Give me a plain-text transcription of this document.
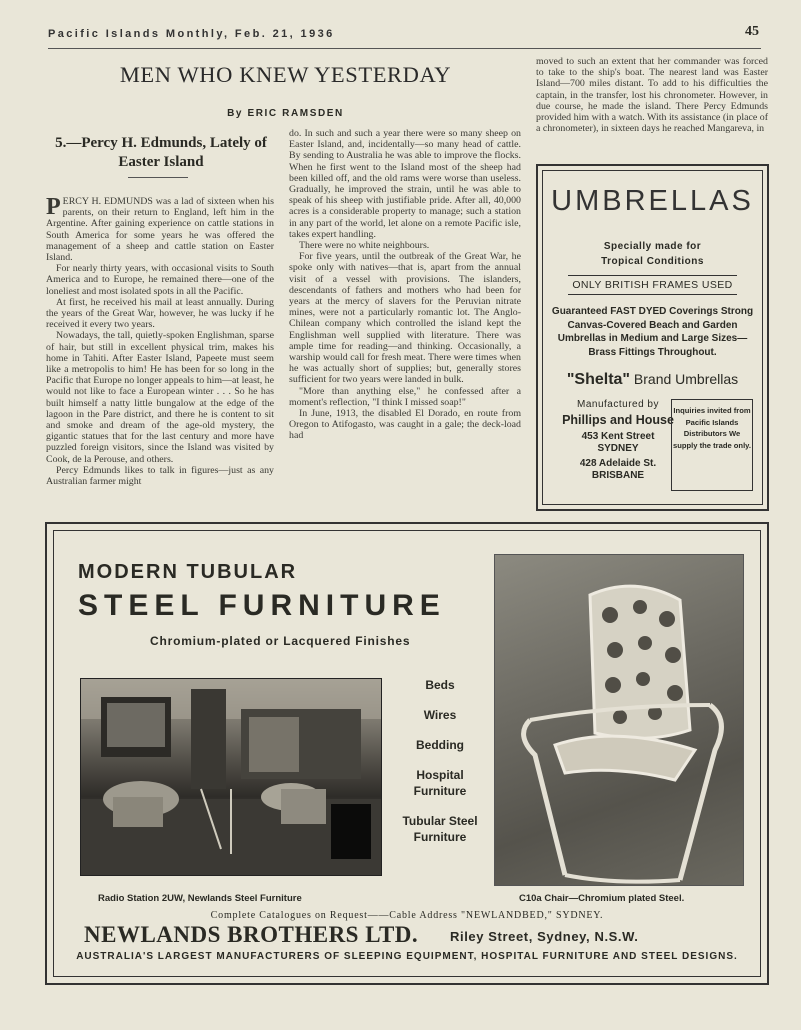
Pacific Islands Monthly, Feb. 21, 1936	45
MEN WHO KNEW YESTERDAY
By ERIC RAMSDEN
5.—Percy H. Edmunds, Lately of Easter Island

PERCY H. EDMUNDS was a lad of sixteen when his parents, on their return to England, left him in the Argentine. After gaining experience on cattle stations in South America for some years he was offered the management of a sheep and cattle station on Easter Island.

For nearly thirty years, with occasional visits to South America and to Europe, he remained there—one of the loneliest and most isolated spots in all the Pacific.

At first, he received his mail at least annually. During the years of the Great War, however, he was lucky if he received it every two years.

Nowadays, the tall, quietly-spoken Englishman, sparse of hair, but still in excellent physical trim, makes his home in Tahiti. After Easter Island, Papeete must seem like a metropolis to him! He has been for so long in the Pacific that Europe no longer appeals to him—at least, he would not like to face a European winter . . . So he has built himself a natty little bungalow at the edge of the lagoon in the Pare district, and there he is content to sit and smoke and dream of the age-old mystery, the gigantic statues that for the last century and more have puzzled foreign visitors, since the Island was visited by Cook, de la Perouse, and others.

Percy Edmunds likes to talk in figures—just as any Australian farmer might

do. In such and such a year there were so many sheep on Easter Island, and, incidentally—so many head of cattle. By sending to Australia he was able to improve the flocks. When he first went to the Island most of the sheep had been killed off, and the old rams were worse than useless. Gradually, he improved the strain, until he was able to speak of his sheep with justifiable pride. After all, 40,000 acres is a considerable property to manage; such a station in any part of the world, let alone on a remote Pacific isle, takes expert handling.

There were no white neighbours.

For five years, until the outbreak of the Great War, he spoke only with natives—that is, apart from the annual visit of a vessel with provisions. The islanders, descendants of fathers and mothers who had been for years at the mercy of slavers for the Peruvian nitrate mines, were not a particularly romantic lot. The Anglo-Chilean company which controlled the island kept the Englishman well supplied with literature. There was ample time for reading—and thinking. Occasionally, a warship would call for fresh meat. There were times when he was actually short of supplies; but, generally stores sufficient for two years were landed in bulk.

"More than anything else," he confessed after a moment's reflection, "I think I missed soap!"

In June, 1913, the disabled El Dorado, en route from Oregon to Atifogasto, was caught in a gale; the deck-load had

moved to such an extent that her commander was forced to take to the ship's boat. The nearest land was Easter Island—700 miles distant. To add to his difficulties the captain, in the transfer, lost his chronometer. However, in due course, he made the island. There Percy Edmunds provided him with a watch. With its assistance (in place of a chronometer), in sixteen days he reached Mangareva, in

UMBRELLAS
Specially made for
Tropical Conditions
ONLY BRITISH FRAMES USED
Guaranteed FAST DYED Coverings Strong Canvas-Covered Beach and Garden Umbrellas in Medium and Large Sizes—Brass Fittings Throughout.
"Shelta" Brand Umbrellas
Manufactured by
Phillips and House
453 Kent Street
SYDNEY
428 Adelaide St.
BRISBANE
Inquiries invited from Pacific Islands Distributors We supply the trade only.
MODERN TUBULAR
STEEL FURNITURE
Chromium-plated or Lacquered Finishes
Beds
Wires
Bedding
Hospital Furniture
Tubular Steel Furniture
Radio Station 2UW, Newlands Steel Furniture	C10a Chair—Chromium plated Steel.
Complete Catalogues on Request——Cable Address "NEWLANDBED," SYDNEY.
NEWLANDS BROTHERS LTD. Riley Street, Sydney, N.S.W.
AUSTRALIA'S LARGEST MANUFACTURERS OF SLEEPING EQUIPMENT, HOSPITAL FURNITURE AND STEEL DESIGNS.
